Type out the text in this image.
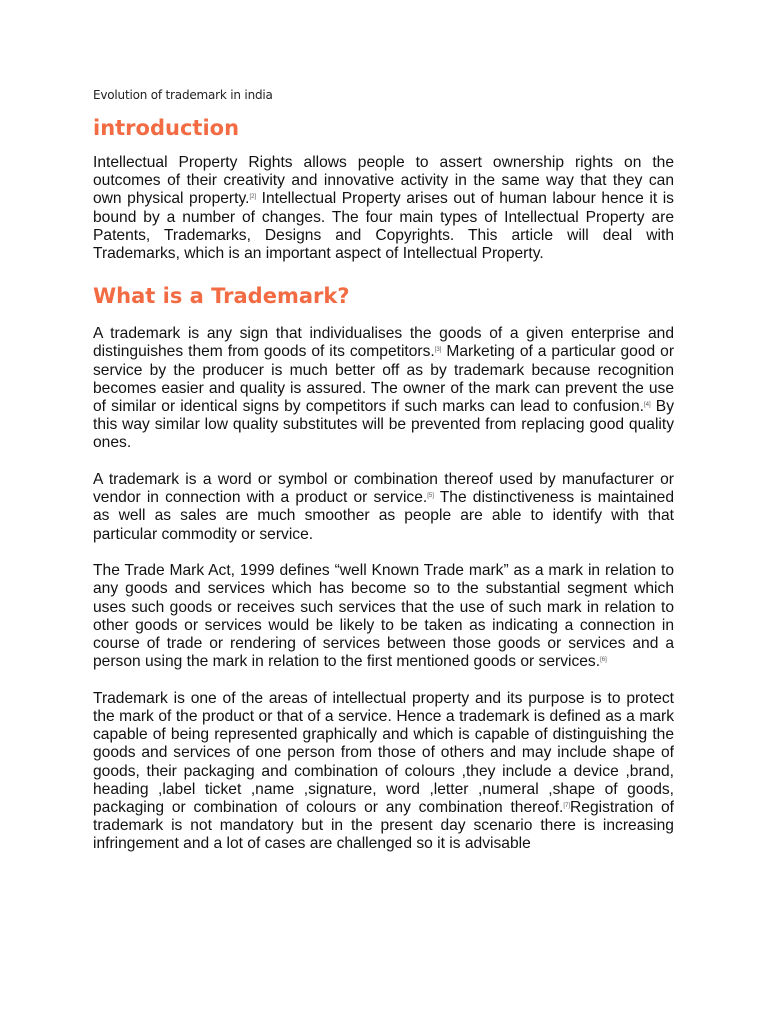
Evolution of trademark in india
introduction

Intellectual Property Rights allows people to assert ownership rights on the outcomes of their creativity and innovative activity in the same way that they can own physical property.[2] Intellectual Property arises out of human labour hence it is bound by a number of changes. The four main types of Intellectual Property are Patents, Trademarks, Designs and Copyrights. This article will deal with Trademarks, which is an important aspect of Intellectual Property.

What is a Trademark?

A trademark is any sign that individualises the goods of a given enterprise and distinguishes them from goods of its competitors.[3] Marketing of a particular good or service by the producer is much better off as by trademark because recognition becomes easier and quality is assured. The owner of the mark can prevent the use of similar or identical signs by competitors if such marks can lead to confusion.[4] By this way similar low quality substitutes will be prevented from replacing good quality ones.

A trademark is a word or symbol or combination thereof used by manufacturer or vendor in connection with a product or service.[5] The distinctiveness is maintained as well as sales are much smoother as people are able to identify with that particular commodity or service.

The Trade Mark Act, 1999 defines “well Known Trade mark” as a mark in relation to any goods and services which has become so to the substantial segment which uses such goods or receives such services that the use of such mark in relation to other goods or services would be likely to be taken as indicating a connection in course of trade or rendering of services between those goods or services and a person using the mark in relation to the first mentioned goods or services.[6]

Trademark is one of the areas of intellectual property and its purpose is to protect the mark of the product or that of a service. Hence a trademark is defined as a mark capable of being represented graphically and which is capable of distinguishing the goods and services of one person from those of others and may include shape of goods, their packaging and combination of colours ,they include a device ,brand, heading ,label ticket ,name ,signature, word ,letter ,numeral ,shape of goods, packaging or combination of colours or any combination thereof.[7]Registration of trademark is not mandatory but in the present day scenario there is increasing infringement and a lot of cases are challenged so it is advisable
